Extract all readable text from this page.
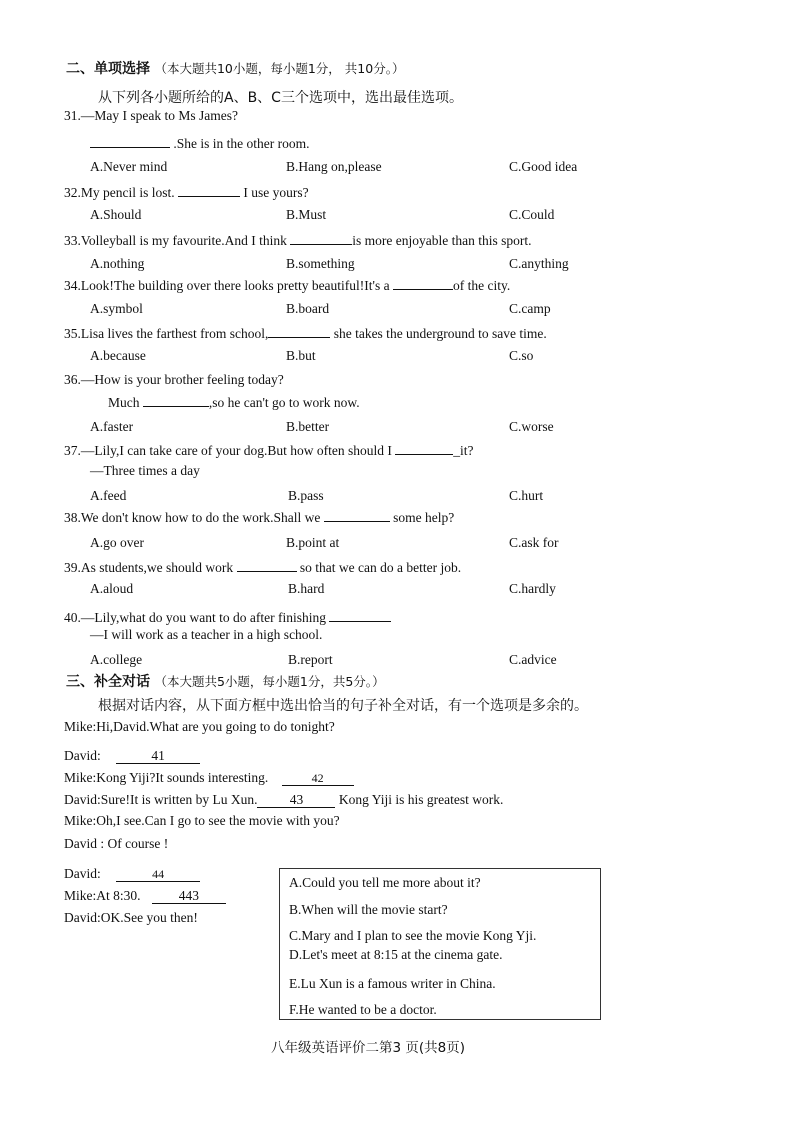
二、单项选择 （本大题共10小题，每小题1分， 共10分。）
从下列各小题所给的A、B、C三个选项中，选出最佳选项。
31.—May I speak to Ms James?
.She is in the other room.
A.Never mind	B.Hang on,please	C.Good idea
32.My pencil is lost.	I use yours?
A.Should	B.Must	C.Could
33.Volleyball is my favourite.And I think	is more enjoyable than this sport.
A.nothing	B.something	C.anything
34.Look!The building over there looks pretty beautiful!It's a	of the city.
A.symbol	B.board	C.camp
35.Lisa lives the farthest from school,	she takes the underground to save time.
A.because	B.but	C.so
36.—How is your brother feeling today?
Much	,so he can't go to work now.
A.faster	B.better	C.worse
37.—Lily,I can take care of your dog.But how often should I	_it?
—Three times a day
A.feed	B.pass	C.hurt
38.We don't know how to do the work.Shall we	some help?
A.go over	B.point at	C.ask for
39.As students,we should work	so that we can do a better job.
A.aloud	B.hard	C.hardly
40.—Lily,what do you want to do after finishing
—I will work as a teacher in a high school.
A.college	B.report	C.advice
三、补全对话 （本大题共5小题，每小题1分，共5分。）
根据对话内容，从下面方框中选出恰当的句子补全对话，有一个选项是多余的。
Mike:Hi,David.What are you going to do tonight?
David:	41
Mike:Kong Yiji?It sounds interesting.	42
David:Sure!It is written by Lu Xun. 43 Kong Yiji is his greatest work.
Mike:Oh,I see.Can I go to see the movie with you?
David : Of course !
David:	44
Mike:At 8:30.	443
David:OK.See you then!
A.Could you tell me more about it?
B.When will the movie start?
C.Mary and I plan to see the movie Kong Yji.
D.Let's meet at 8:15 at the cinema gate.
E.Lu Xun is a famous writer in China.
F.He wanted to be a doctor.
八年级英语评价二第3 页(共8页)
